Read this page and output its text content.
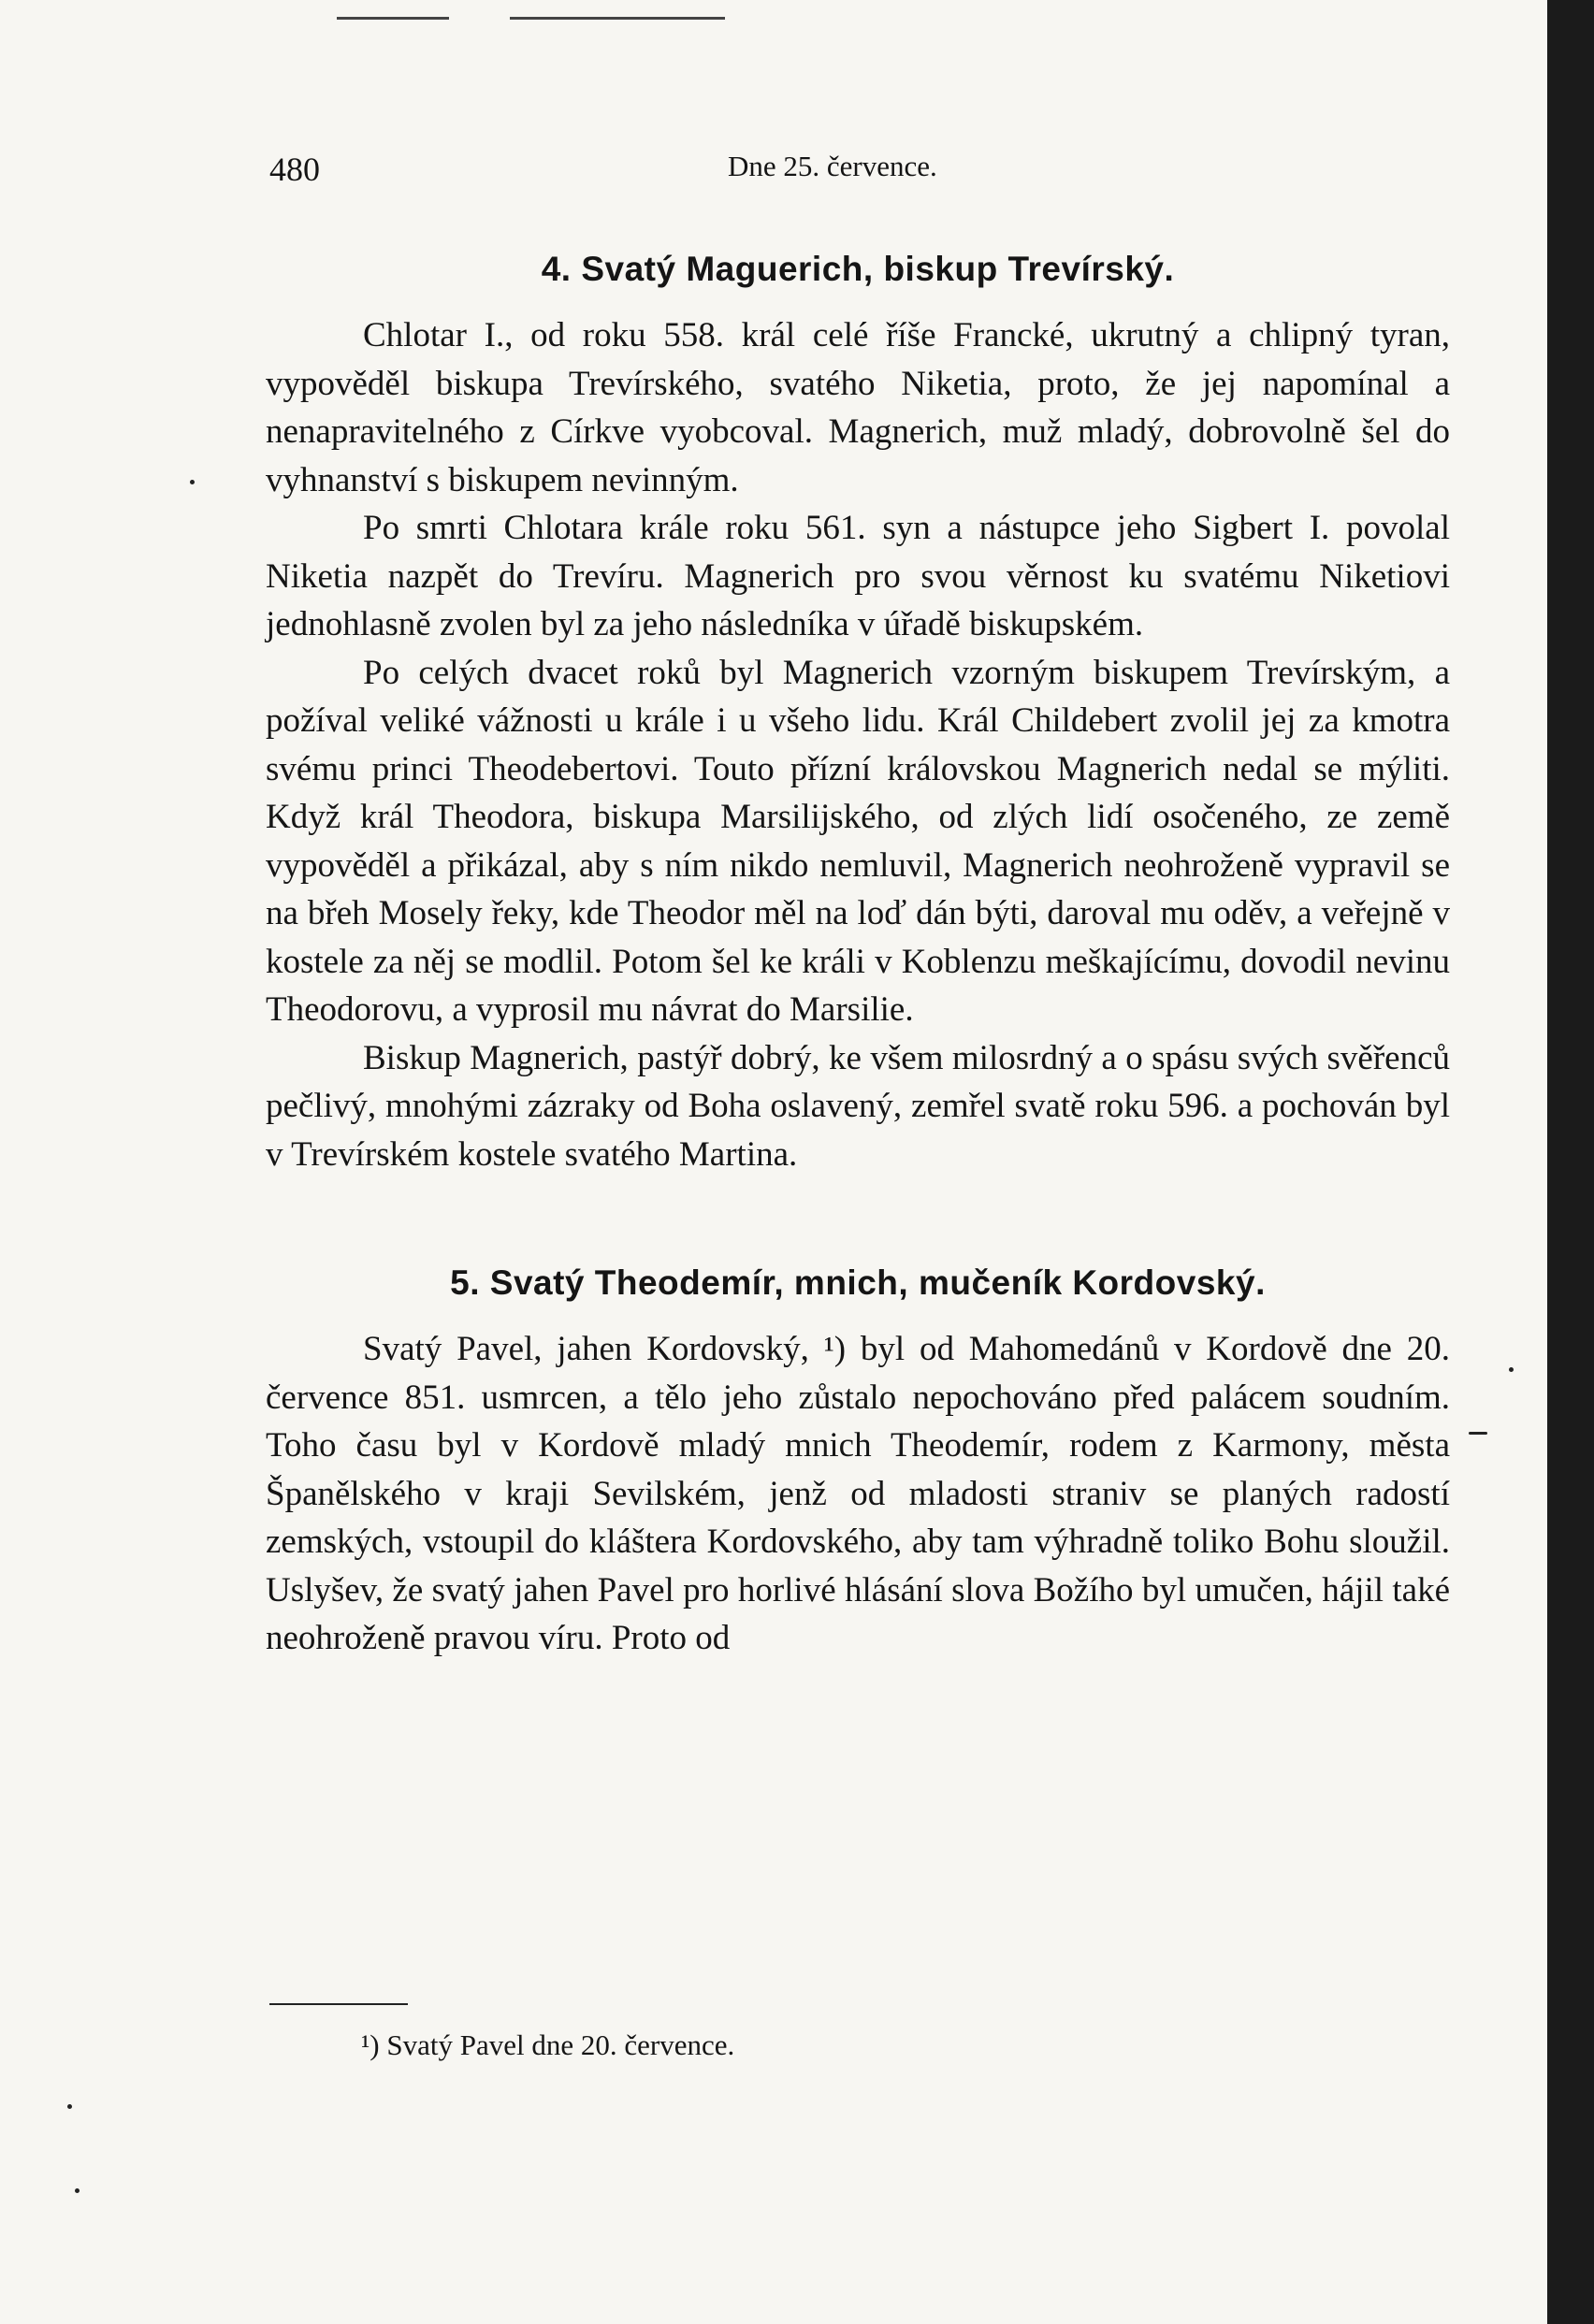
480	Dne 25. července.
4. Svatý Maguerich, biskup Trevírský.

Chlotar I., od roku 558. král celé říše Francké, ukrutný a chlipný tyran, vypověděl biskupa Trevírského, svatého Niketia, proto, že jej napomínal a nenapravitelného z Církve vyobcoval. Magnerich, muž mladý, dobrovolně šel do vyhnanství s biskupem nevinným.

Po smrti Chlotara krále roku 561. syn a nástupce jeho Sigbert I. povolal Niketia nazpět do Trevíru. Magnerich pro svou věrnost ku svatému Niketiovi jednohlasně zvolen byl za jeho následníka v úřadě biskupském.

Po celých dvacet roků byl Magnerich vzorným biskupem Trevírským, a požíval veliké vážnosti u krále i u všeho lidu. Král Childebert zvolil jej za kmotra svému princi Theodebertovi. Touto přízní královskou Magnerich nedal se mýliti. Když král Theodora, biskupa Marsilijského, od zlých lidí osočeného, ze země vypověděl a přikázal, aby s ním nikdo nemluvil, Magnerich neohroženě vypravil se na břeh Mosely řeky, kde Theodor měl na loď dán býti, daroval mu oděv, a veřejně v kostele za něj se modlil. Potom šel ke králi v Koblenzu meškajícímu, dovodil nevinu Theodorovu, a vyprosil mu návrat do Marsilie.

Biskup Magnerich, pastýř dobrý, ke všem milosrdný a o spásu svých svěřenců pečlivý, mnohými zázraky od Boha oslavený, zemřel svatě roku 596. a pochován byl v Trevírském kostele svatého Martina.

5. Svatý Theodemír, mnich, mučeník Kordovský.

Svatý Pavel, jahen Kordovský, ¹) byl od Mahomedánů v Kordově dne 20. července 851. usmrcen, a tělo jeho zůstalo nepochováno před palácem soudním. Toho času byl v Kordově mladý mnich Theodemír, rodem z Karmony, města Španělského v kraji Sevilském, jenž od mladosti straniv se planých radostí zemských, vstoupil do kláštera Kordovského, aby tam výhradně toliko Bohu sloužil. Uslyšev, že svatý jahen Pavel pro horlivé hlásání slova Božího byl umučen, hájil také neohroženě pravou víru. Proto od

¹) Svatý Pavel dne 20. července.
